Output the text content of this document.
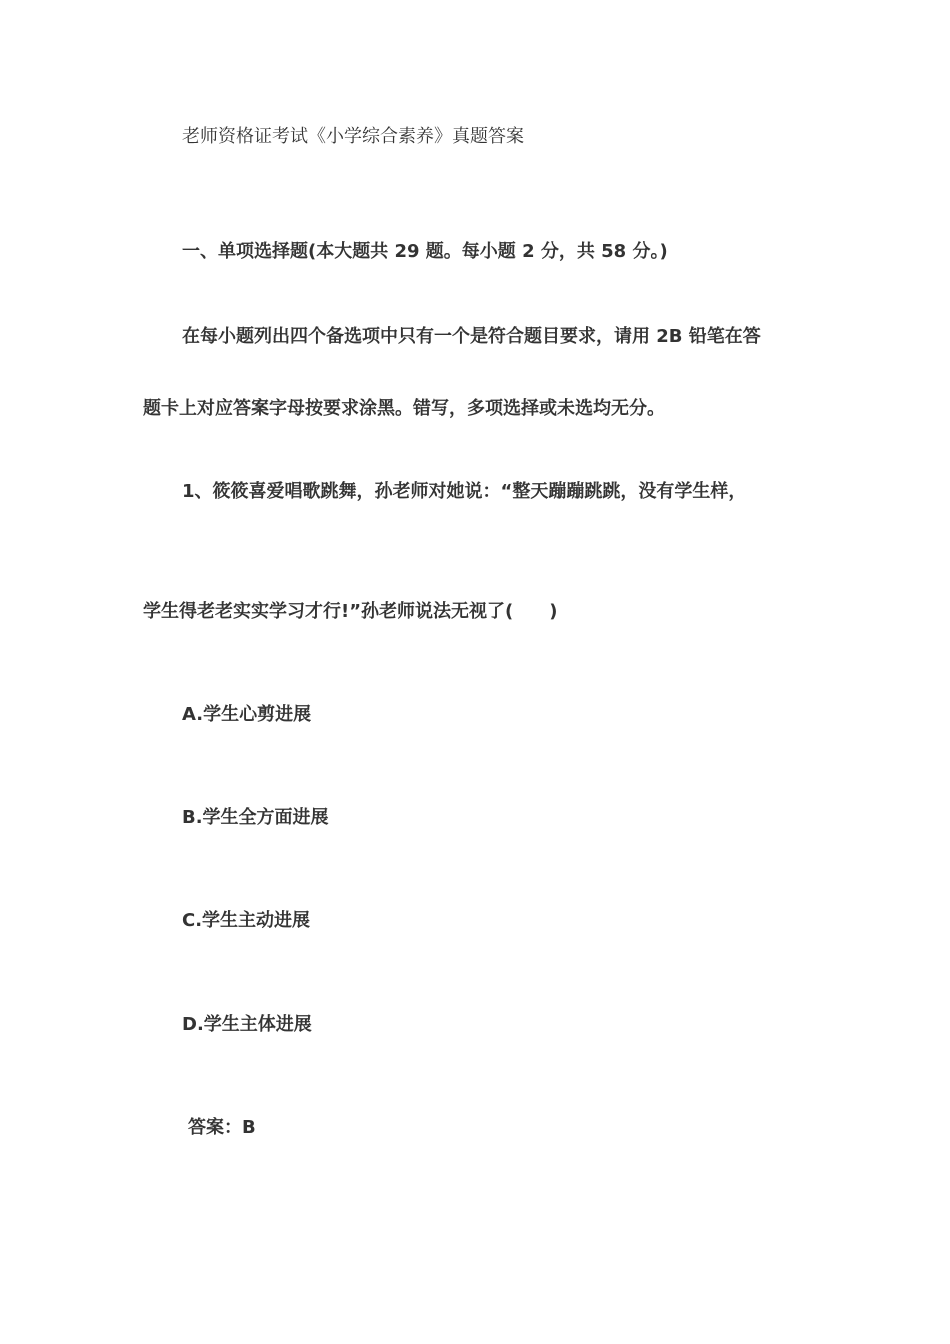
老师资格证考试《小学综合素养》真题答案
一、单项选择题(本大题共 29 题。每小题 2 分，共 58 分。)
在每小题列出四个备选项中只有一个是符合题目要求，请用 2B 铅笔在答
题卡上对应答案字母按要求涂黑。错写，多项选择或未选均无分。
1、筱筱喜爱唱歌跳舞，孙老师对她说：“整天蹦蹦跳跳，没有学生样，
学生得老老实实学习才行!”孙老师说法无视了(　　)
A.学生心剪进展
B.学生全方面进展
C.学生主动进展
D.学生主体进展
答案：B
